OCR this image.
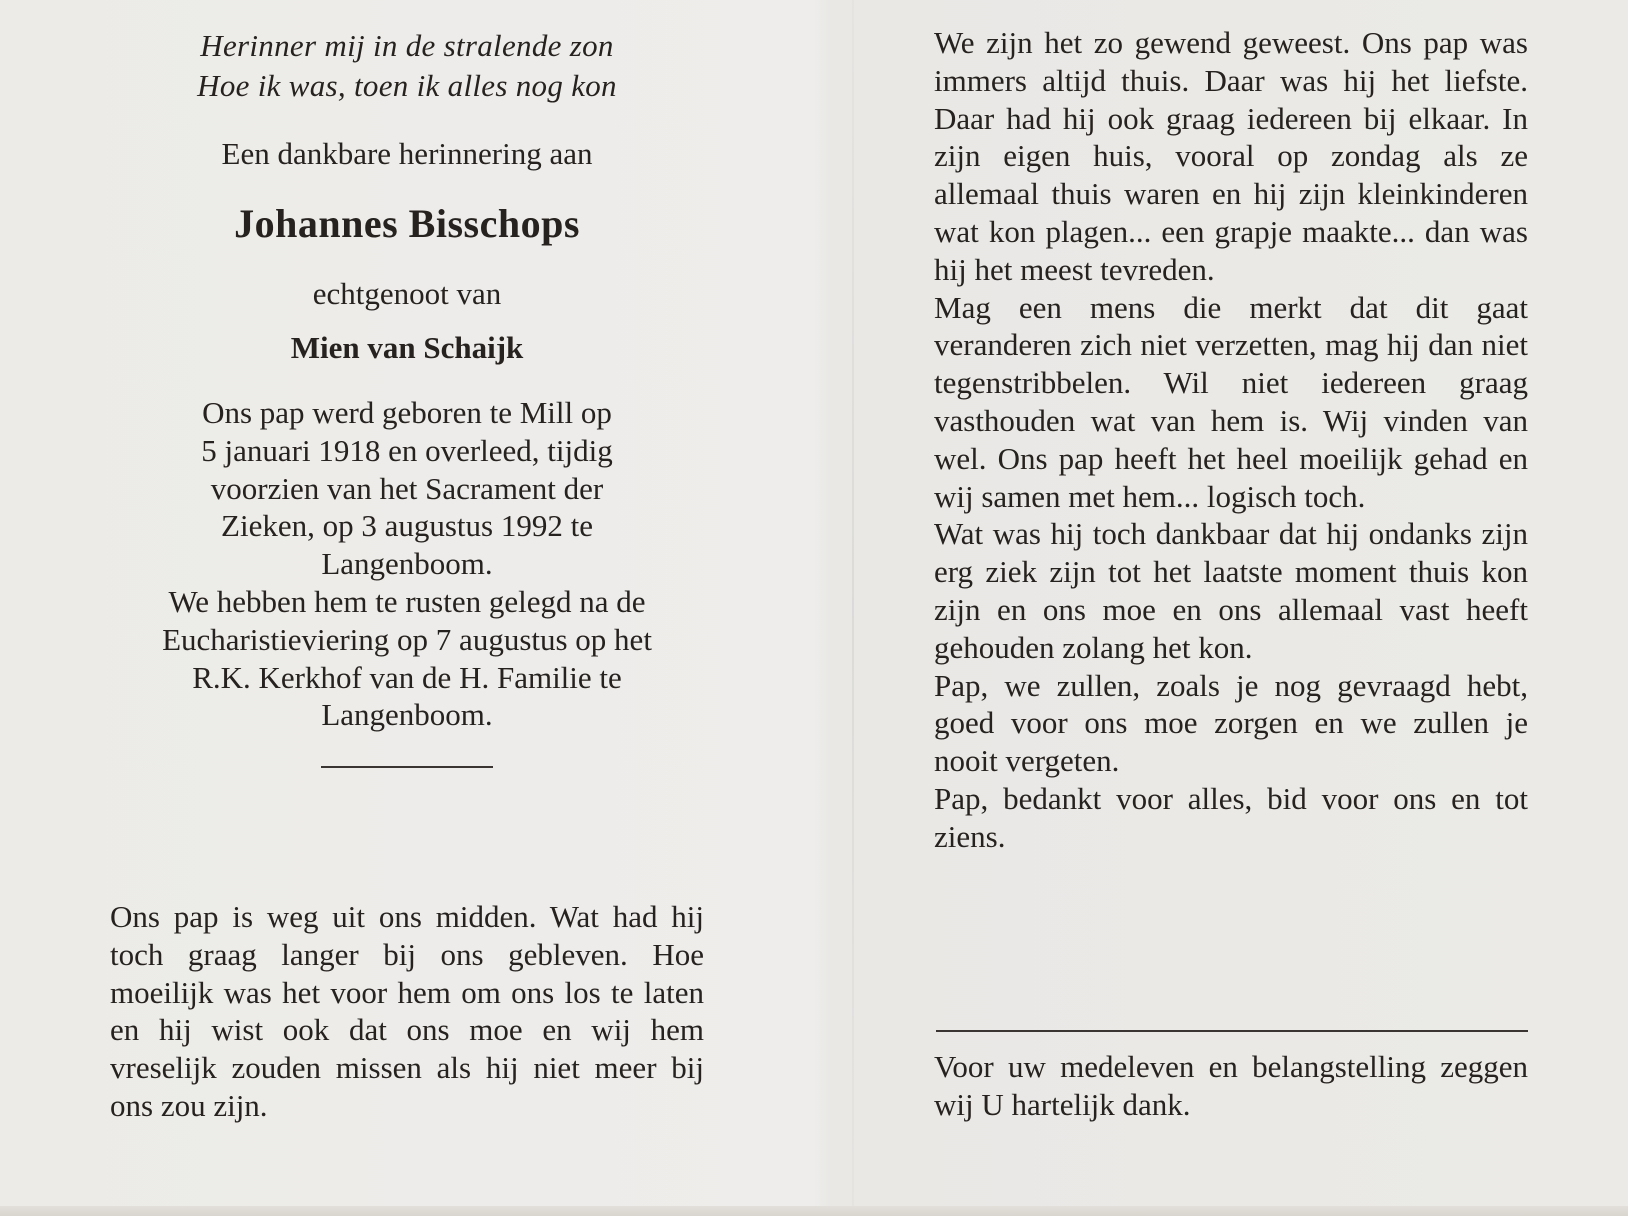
Herinner mij in de stralende zon
Hoe ik was, toen ik alles nog kon
Een dankbare herinnering aan
Johannes Bisschops
echtgenoot van
Mien van Schaijk
Ons pap werd geboren te Mill op
5 januari 1918 en overleed, tijdig
voorzien van het Sacrament der
Zieken, op 3 augustus 1992 te
Langenboom.
We hebben hem te rusten gelegd na de
Eucharistieviering op 7 augustus op het
R.K. Kerkhof van de H. Familie te
Langenboom.
Ons pap is weg uit ons midden. Wat had hij toch graag langer bij ons gebleven. Hoe moeilijk was het voor hem om ons los te laten en hij wist ook dat ons moe en wij hem vreselijk zouden missen als hij niet meer bij ons zou zijn.

We zijn het zo gewend geweest. Ons pap was immers altijd thuis. Daar was hij het liefste. Daar had hij ook graag iedereen bij elkaar. In zijn eigen huis, vooral op zondag als ze allemaal thuis waren en hij zijn kleinkinderen wat kon plagen... een grapje maakte... dan was hij het meest tevreden.

Mag een mens die merkt dat dit gaat veranderen zich niet verzetten, mag hij dan niet tegenstribbelen. Wil niet iedereen graag vasthouden wat van hem is. Wij vinden van wel. Ons pap heeft het heel moeilijk gehad en wij samen met hem... logisch toch.

Wat was hij toch dankbaar dat hij ondanks zijn erg ziek zijn tot het laatste moment thuis kon zijn en ons moe en ons allemaal vast heeft gehouden zolang het kon.

Pap, we zullen, zoals je nog gevraagd hebt, goed voor ons moe zorgen en we zullen je nooit vergeten.

Pap, bedankt voor alles, bid voor ons en tot ziens.

Voor uw medeleven en belangstelling zeggen wij U hartelijk dank.
